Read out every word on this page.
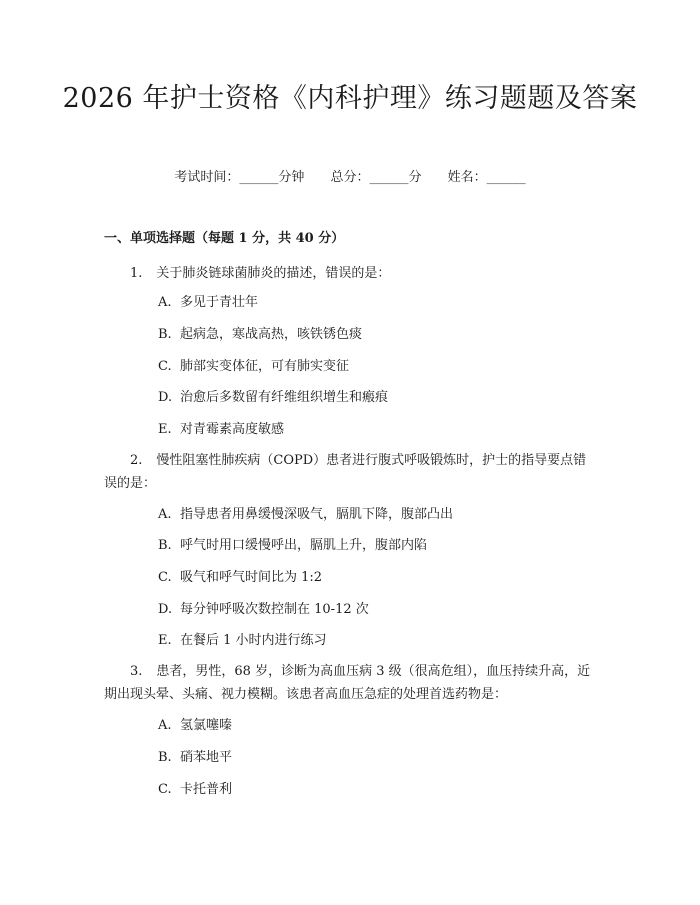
2026 年护士资格《内科护理》练习题题及答案
考试时间：______分钟 总分：______分 姓名：______
一、单项选择题（每题 1 分，共 40 分）
1. 关于肺炎链球菌肺炎的描述，错误的是：
A. 多见于青壮年
B. 起病急，寒战高热，咳铁锈色痰
C. 肺部实变体征，可有肺实变征
D. 治愈后多数留有纤维组织增生和瘢痕
E. 对青霉素高度敏感
2. 慢性阻塞性肺疾病（COPD）患者进行腹式呼吸锻炼时，护士的指导要点错误的是：
A. 指导患者用鼻缓慢深吸气，膈肌下降，腹部凸出
B. 呼气时用口缓慢呼出，膈肌上升，腹部内陷
C. 吸气和呼气时间比为 1:2
D. 每分钟呼吸次数控制在 10-12 次
E. 在餐后 1 小时内进行练习
3. 患者，男性，68 岁，诊断为高血压病 3 级（很高危组），血压持续升高，近期出现头晕、头痛、视力模糊。该患者高血压急症的处理首选药物是：
A. 氢氯噻嗪
B. 硝苯地平
C. 卡托普利
